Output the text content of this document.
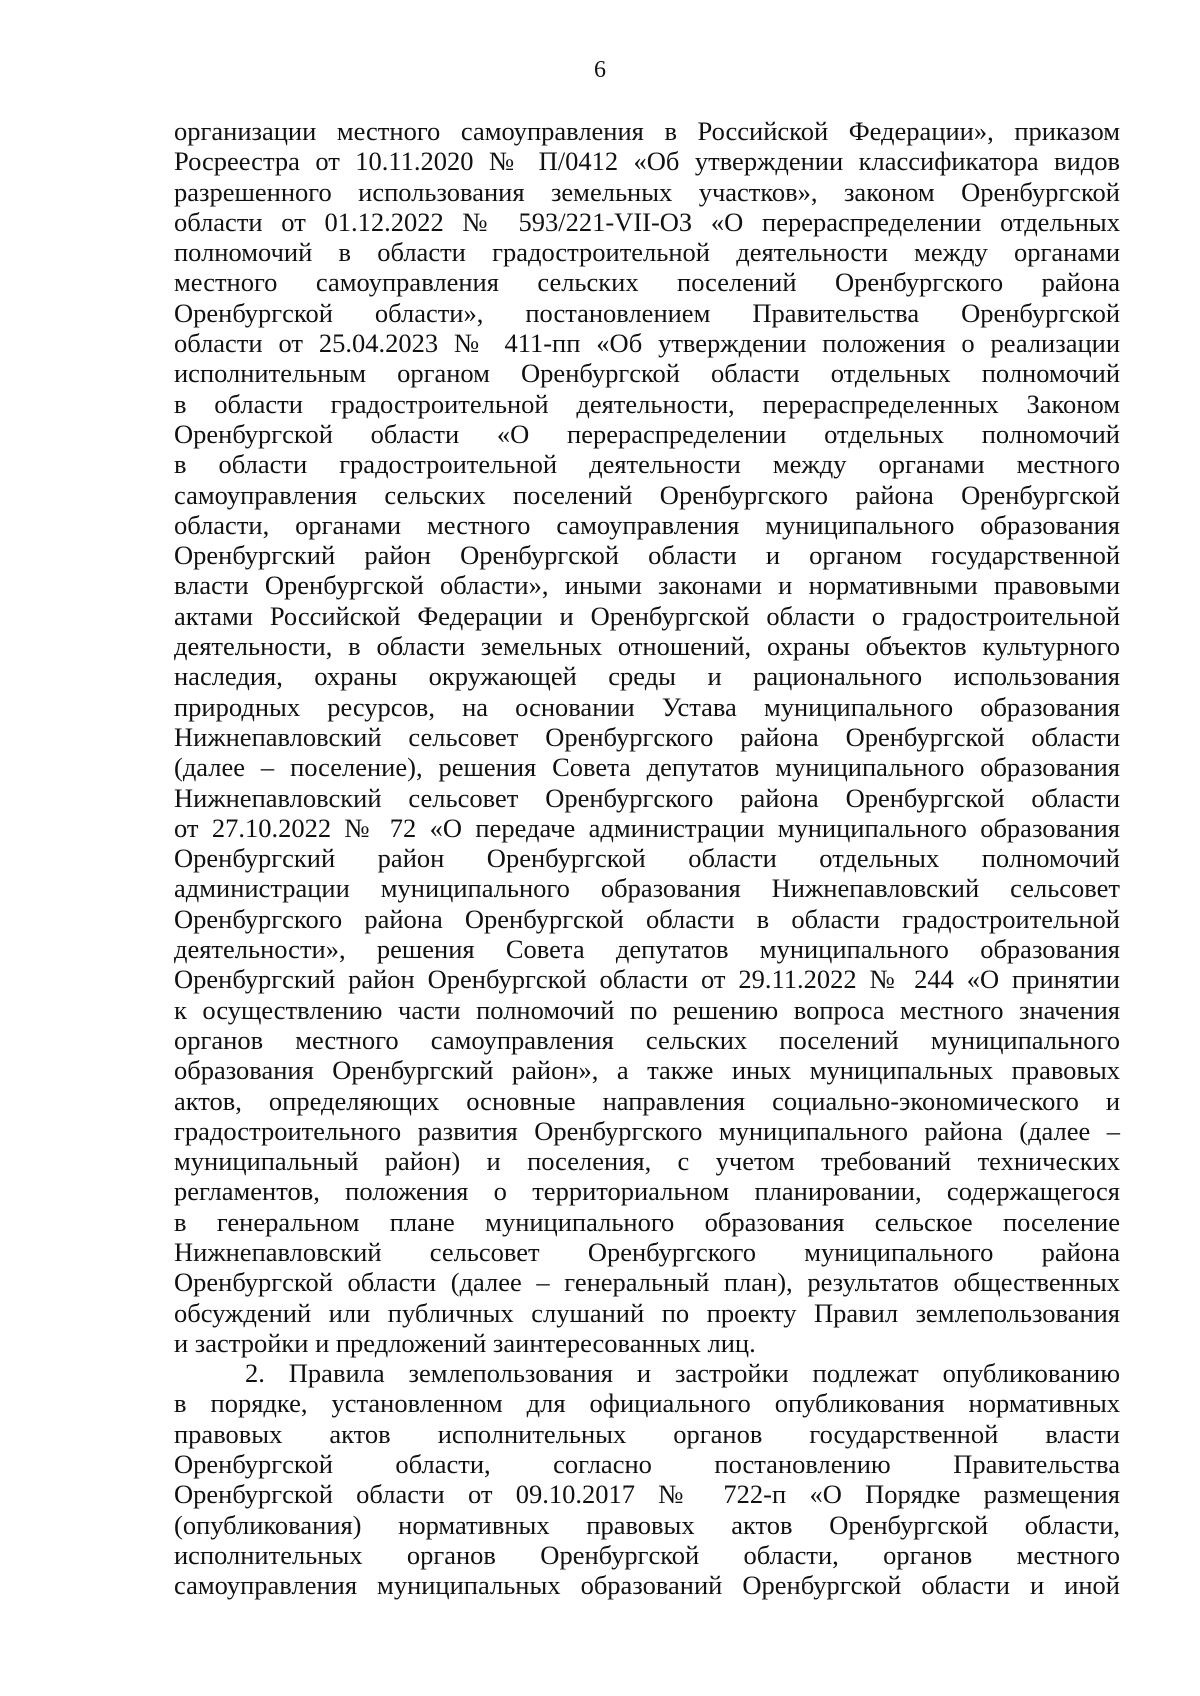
6
организации местного самоуправления в Российской Федерации», приказом
Росреестра от 10.11.2020 № П/0412 «Об утверждении классификатора видов
разрешенного использования земельных участков», законом Оренбургской
области от 01.12.2022 № 593/221-VII-ОЗ «О перераспределении отдельных
полномочий в области градостроительной деятельности между органами
местного самоуправления сельских поселений Оренбургского района
Оренбургской области», постановлением Правительства Оренбургской
области от 25.04.2023 № 411-пп «Об утверждении положения о реализации
исполнительным органом Оренбургской области отдельных полномочий
в области градостроительной деятельности, перераспределенных Законом
Оренбургской области «О перераспределении отдельных полномочий
в области градостроительной деятельности между органами местного
самоуправления сельских поселений Оренбургского района Оренбургской
области, органами местного самоуправления муниципального образования
Оренбургский район Оренбургской области и органом государственной
власти Оренбургской области», иными законами и нормативными правовыми
актами Российской Федерации и Оренбургской области о градостроительной
деятельности, в области земельных отношений, охраны объектов культурного
наследия, охраны окружающей среды и рационального использования
природных ресурсов, на основании Устава муниципального образования
Нижнепавловский сельсовет Оренбургского района Оренбургской области
(далее – поселение), решения Совета депутатов муниципального образования
Нижнепавловский сельсовет Оренбургского района Оренбургской области
от 27.10.2022 № 72 «О передаче администрации муниципального образования
Оренбургский район Оренбургской области отдельных полномочий
администрации муниципального образования Нижнепавловский сельсовет
Оренбургского района Оренбургской области в области градостроительной
деятельности», решения Совета депутатов муниципального образования
Оренбургский район Оренбургской области от 29.11.2022 № 244 «О принятии
к осуществлению части полномочий по решению вопроса местного значения
органов местного самоуправления сельских поселений муниципального
образования Оренбургский район», а также иных муниципальных правовых
актов, определяющих основные направления социально-экономического и
градостроительного развития Оренбургского муниципального района (далее –
муниципальный район) и поселения, с учетом требований технических
регламентов, положения о территориальном планировании, содержащегося
в генеральном плане муниципального образования сельское поселение
Нижнепавловский сельсовет Оренбургского муниципального района
Оренбургской области (далее – генеральный план), результатов общественных
обсуждений или публичных слушаний по проекту Правил землепользования
и застройки и предложений заинтересованных лиц.
2. Правила землепользования и застройки подлежат опубликованию
в порядке, установленном для официального опубликования нормативных
правовых актов исполнительных органов государственной власти
Оренбургской области, согласно постановлению Правительства
Оренбургской области от 09.10.2017 № 722-п «О Порядке размещения
(опубликования) нормативных правовых актов Оренбургской области,
исполнительных органов Оренбургской области, органов местного
самоуправления муниципальных образований Оренбургской области и иной
